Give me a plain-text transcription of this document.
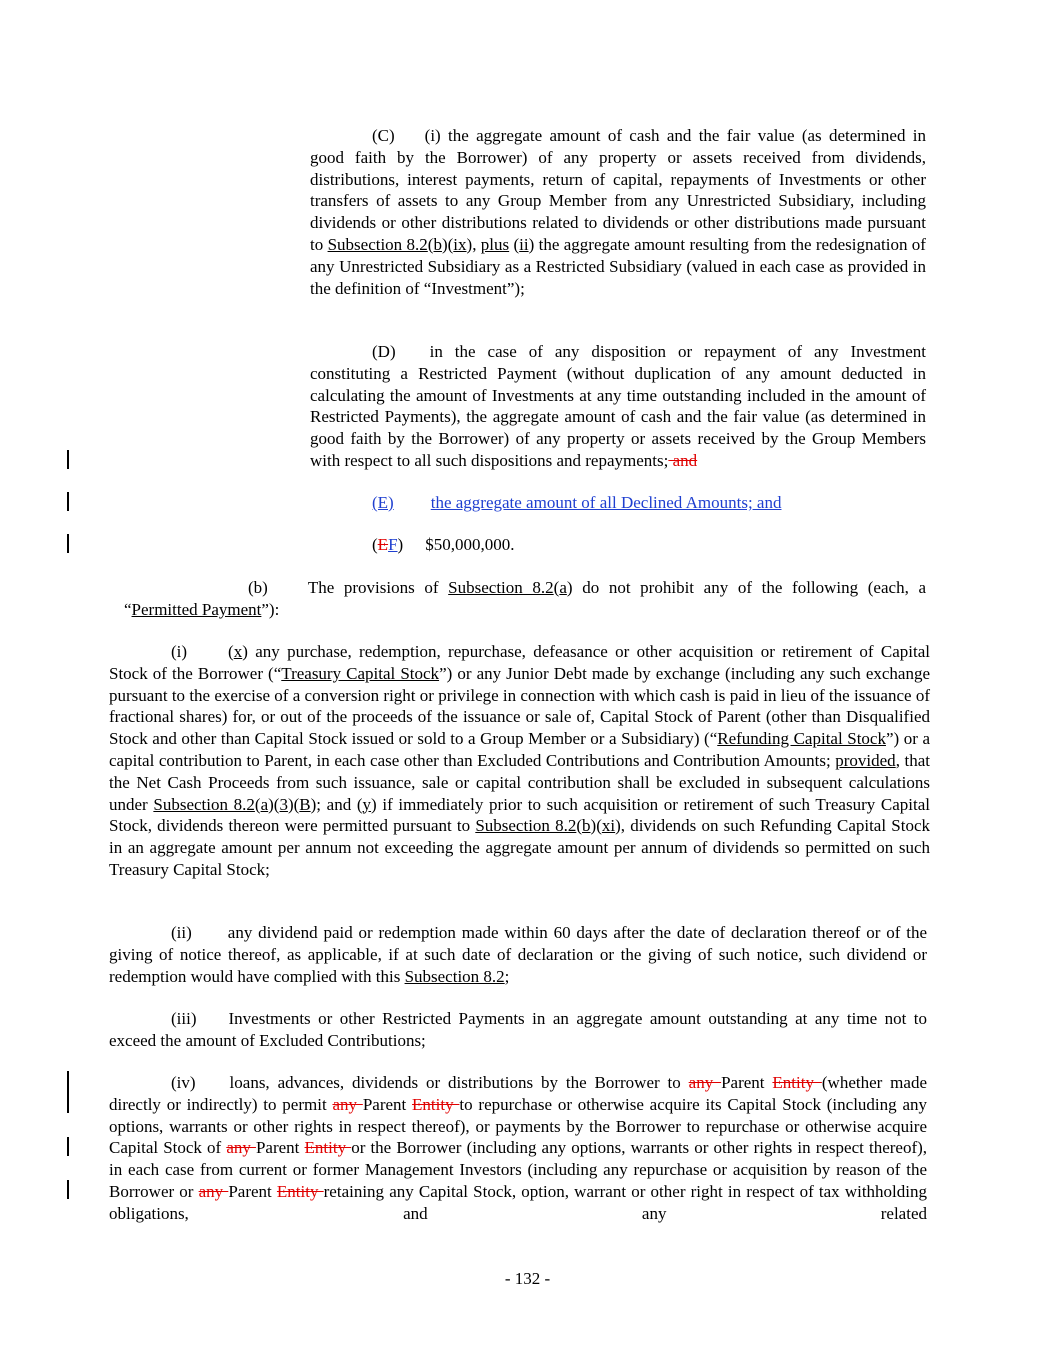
(C) (i) the aggregate amount of cash and the fair value (as determined in good faith by the Borrower) of any property or assets received from dividends, distributions, interest payments, return of capital, repayments of Investments or other transfers of assets to any Group Member from any Unrestricted Subsidiary, including dividends or other distributions related to dividends or other distributions made pursuant to Subsection 8.2(b)(ix), plus (ii) the aggregate amount resulting from the redesignation of any Unrestricted Subsidiary as a Restricted Subsidiary (valued in each case as provided in the definition of “Investment”);

(D) in the case of any disposition or repayment of any Investment constituting a Restricted Payment (without duplication of any amount deducted in calculating the amount of Investments at any time outstanding included in the amount of Restricted Payments), the aggregate amount of cash and the fair value (as determined in good faith by the Borrower) of any property or assets received by the Group Members with respect to all such dispositions and repayments; and

(E) the aggregate amount of all Declined Amounts; and

(EF) $50,000,000.

(b) The provisions of Subsection 8.2(a) do not prohibit any of the following (each, a “Permitted Payment”):

(i) (x) any purchase, redemption, repurchase, defeasance or other acquisition or retirement of Capital Stock of the Borrower (“Treasury Capital Stock”) or any Junior Debt made by exchange (including any such exchange pursuant to the exercise of a conversion right or privilege in connection with which cash is paid in lieu of the issuance of fractional shares) for, or out of the proceeds of the issuance or sale of, Capital Stock of Parent (other than Disqualified Stock and other than Capital Stock issued or sold to a Group Member or a Subsidiary) (“Refunding Capital Stock”) or a capital contribution to Parent, in each case other than Excluded Contributions and Contribution Amounts; provided, that the Net Cash Proceeds from such issuance, sale or capital contribution shall be excluded in subsequent calculations under Subsection 8.2(a)(3)(B); and (y) if immediately prior to such acquisition or retirement of such Treasury Capital Stock, dividends thereon were permitted pursuant to Subsection 8.2(b)(xi), dividends on such Refunding Capital Stock in an aggregate amount per annum not exceeding the aggregate amount per annum of dividends so permitted on such Treasury Capital Stock;

(ii) any dividend paid or redemption made within 60 days after the date of declaration thereof or of the giving of notice thereof, as applicable, if at such date of declaration or the giving of such notice, such dividend or redemption would have complied with this Subsection 8.2;

(iii) Investments or other Restricted Payments in an aggregate amount outstanding at any time not to exceed the amount of Excluded Contributions;

(iv) loans, advances, dividends or distributions by the Borrower to any Parent Entity (whether made directly or indirectly) to permit any Parent Entity to repurchase or otherwise acquire its Capital Stock (including any options, warrants or other rights in respect thereof), or payments by the Borrower to repurchase or otherwise acquire Capital Stock of any Parent Entity or the Borrower (including any options, warrants or other rights in respect thereof), in each case from current or former Management Investors (including any repurchase or acquisition by reason of the Borrower or any Parent Entity retaining any Capital Stock, option, warrant or other right in respect of tax withholding obligations, and any related

- 132 -
